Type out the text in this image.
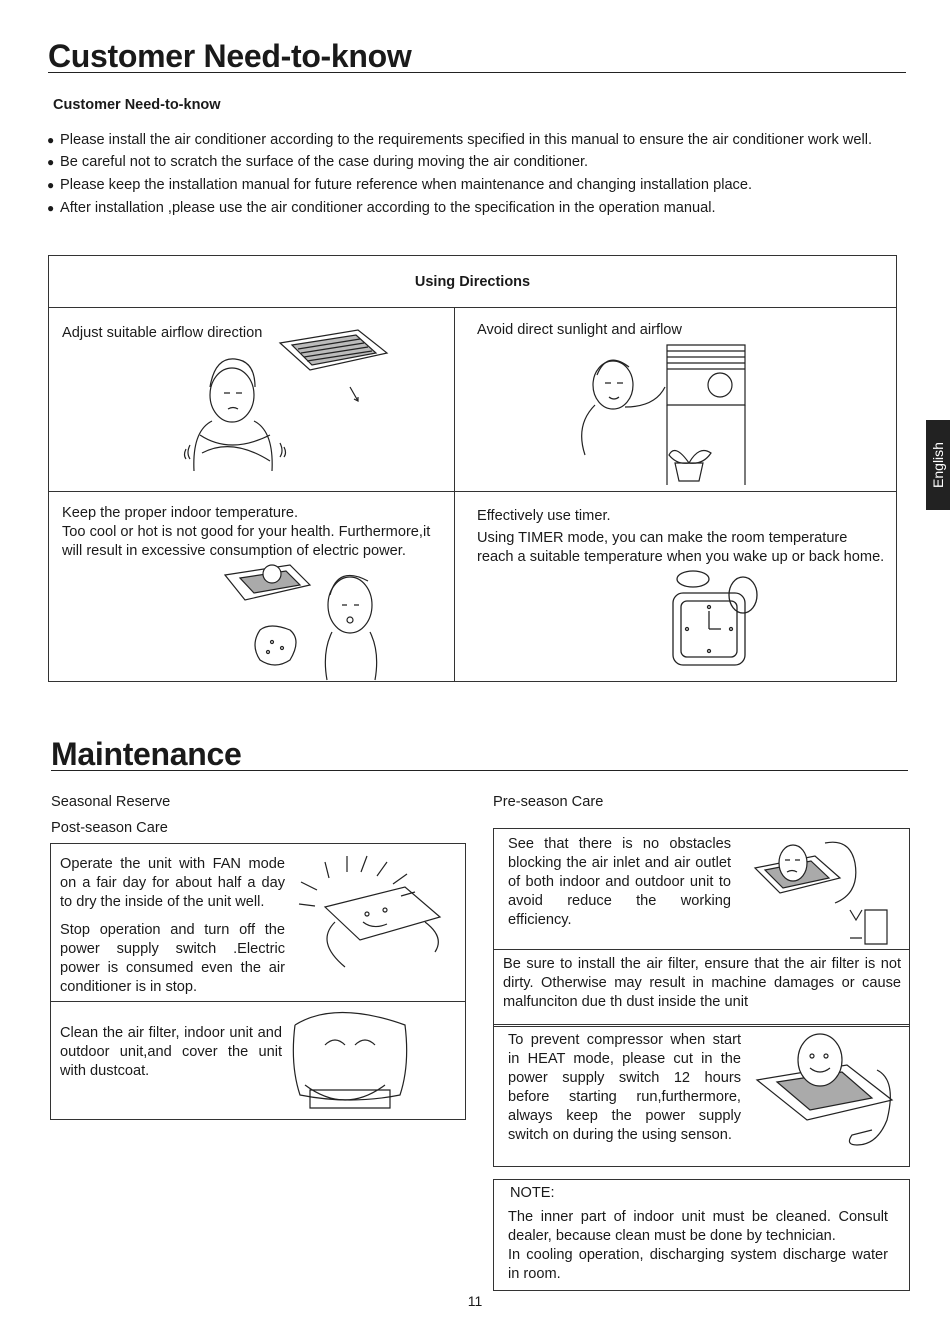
Customer Need-to-know
Customer Need-to-know
● Please install the air conditioner according to the requirements specified in this manual to ensure the air conditioner work well.
● Be careful not to scratch the surface of the case during moving the air conditioner.
● Please keep the installation manual for future reference when maintenance and changing installation place.
● After installation ,please use the air conditioner according to the specification in the operation manual.
Using Directions
Adjust suitable airflow direction	Avoid direct sunlight and airflow
Keep the proper indoor temperature.
Too cool or hot is not good for your health. Furthermore,it will result in excessive consumption of electric power.
Effectively use timer.
Using TIMER mode, you can make the room temperature reach a suitable temperature when you wake up or back home.
English
Maintenance
Seasonal Reserve
Post-season Care
Pre-season Care
Operate the unit with FAN mode on a fair day for about half a day to dry the inside of the unit well.
Stop operation and turn off the power supply switch .Electric power is consumed even the air conditioner is in stop.
Clean the air filter, indoor unit and outdoor unit,and cover the unit with dustcoat.
See that there is no obstacles blocking the air inlet and air outlet of both indoor and outdoor unit to avoid reduce the working efficiency.
Be sure to install the air filter, ensure that the air filter is not dirty. Otherwise may result in machine damages or cause malfunciton due th dust inside the unit
To prevent compressor when start in HEAT mode, please cut in the power supply switch 12 hours before starting run,furthermore, always keep the power supply switch on during the using senson.
NOTE:
The inner part of indoor unit must be cleaned. Consult dealer, because clean must be done by technician.
In cooling operation, discharging system discharge water in room.
11
